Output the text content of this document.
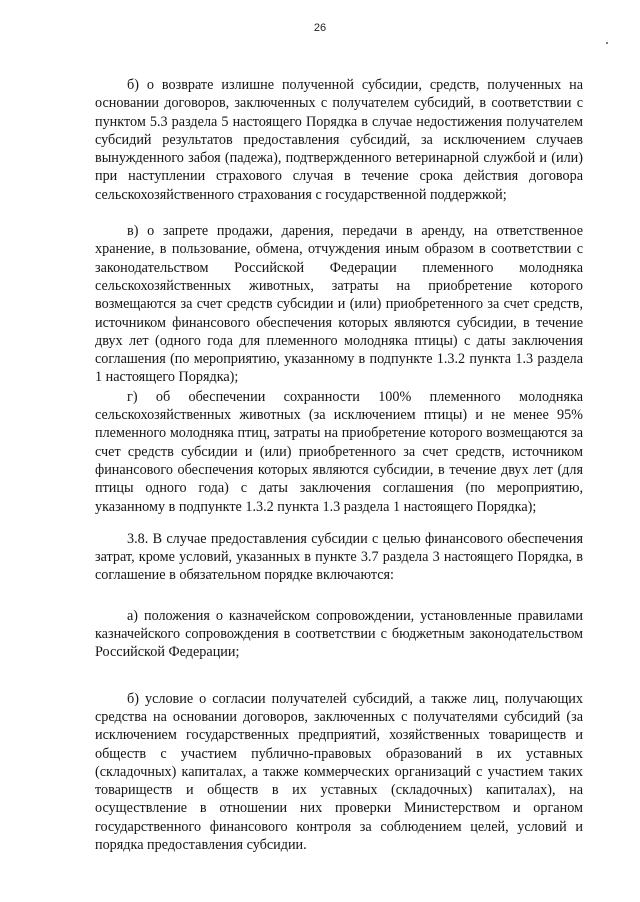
26

б) о возврате излишне полученной субсидии, средств, полученных на основании договоров, заключенных с получателем субсидий, в соответствии с пунктом 5.3 раздела 5 настоящего Порядка в случае недостижения получателем субсидий результатов предоставления субсидий, за исключением случаев вынужденного забоя (падежа), подтвержденного ветеринарной службой и (или) при наступлении страхового случая в течение срока действия договора сельскохозяйственного страхования с государственной поддержкой;

в) о запрете продажи, дарения, передачи в аренду, на ответственное хранение, в пользование, обмена, отчуждения иным образом в соответствии с законодательством Российской Федерации племенного молодняка сельскохозяйственных животных, затраты на приобретение которого возмещаются за счет средств субсидии и (или) приобретенного за счет средств, источником финансового обеспечения которых являются субсидии, в течение двух лет (одного года для племенного молодняка птицы) с даты заключения соглашения (по мероприятию, указанному в подпункте 1.3.2 пункта 1.3 раздела 1 настоящего Порядка);

г) об обеспечении сохранности 100% племенного молодняка сельскохозяйственных животных (за исключением птицы) и не менее 95% племенного молодняка птиц, затраты на приобретение которого возмещаются за счет средств субсидии и (или) приобретенного за счет средств, источником финансового обеспечения которых являются субсидии, в течение двух лет (для птицы одного года) с даты заключения соглашения (по мероприятию, указанному в подпункте 1.3.2 пункта 1.3 раздела 1 настоящего Порядка);

3.8. В случае предоставления субсидии с целью финансового обеспечения затрат, кроме условий, указанных в пункте 3.7 раздела 3 настоящего Порядка, в соглашение в обязательном порядке включаются:

а) положения о казначейском сопровождении, установленные правилами казначейского сопровождения в соответствии с бюджетным законодательством Российской Федерации;

б) условие о согласии получателей субсидий, а также лиц, получающих средства на основании договоров, заключенных с получателями субсидий (за исключением государственных предприятий, хозяйственных товариществ и обществ с участием публично-правовых образований в их уставных (складочных) капиталах, а также коммерческих организаций с участием таких товариществ и обществ в их уставных (складочных) капиталах), на осуществление в отношении них проверки Министерством и органом государственного финансового контроля за соблюдением целей, условий и порядка предоставления субсидии.
